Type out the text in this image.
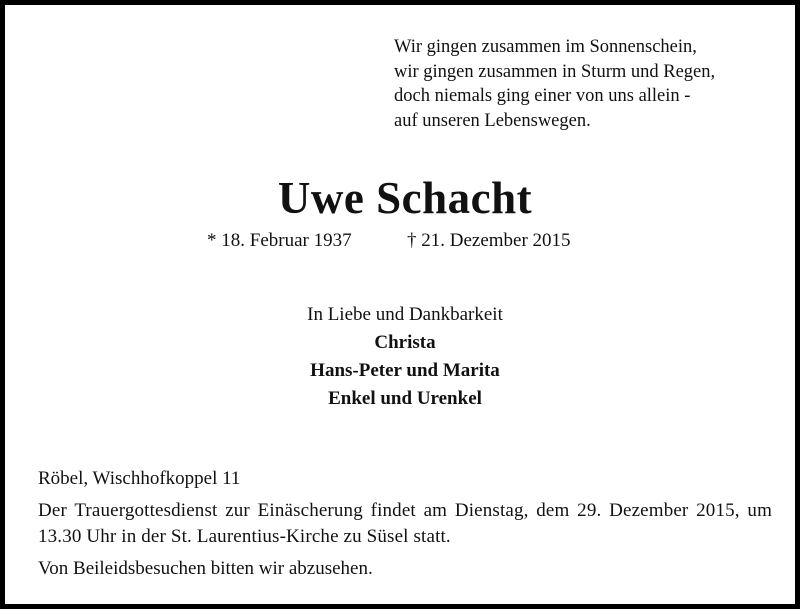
Wir gingen zusammen im Sonnenschein,
wir gingen zusammen in Sturm und Regen,
doch niemals ging einer von uns allein -
auf unseren Lebenswegen.
Uwe Schacht
* 18. Februar 1937	† 21. Dezember 2015
In Liebe und Dankbarkeit
Christa
Hans-Peter und Marita
Enkel und Urenkel
Röbel, Wischhofkoppel 11
Der Trauergottesdienst zur Einäscherung findet am Dienstag, dem 29. Dezember 2015, um 13.30 Uhr in der St. Laurentius-Kirche zu Süsel statt.
Von Beileidsbesuchen bitten wir abzusehen.
